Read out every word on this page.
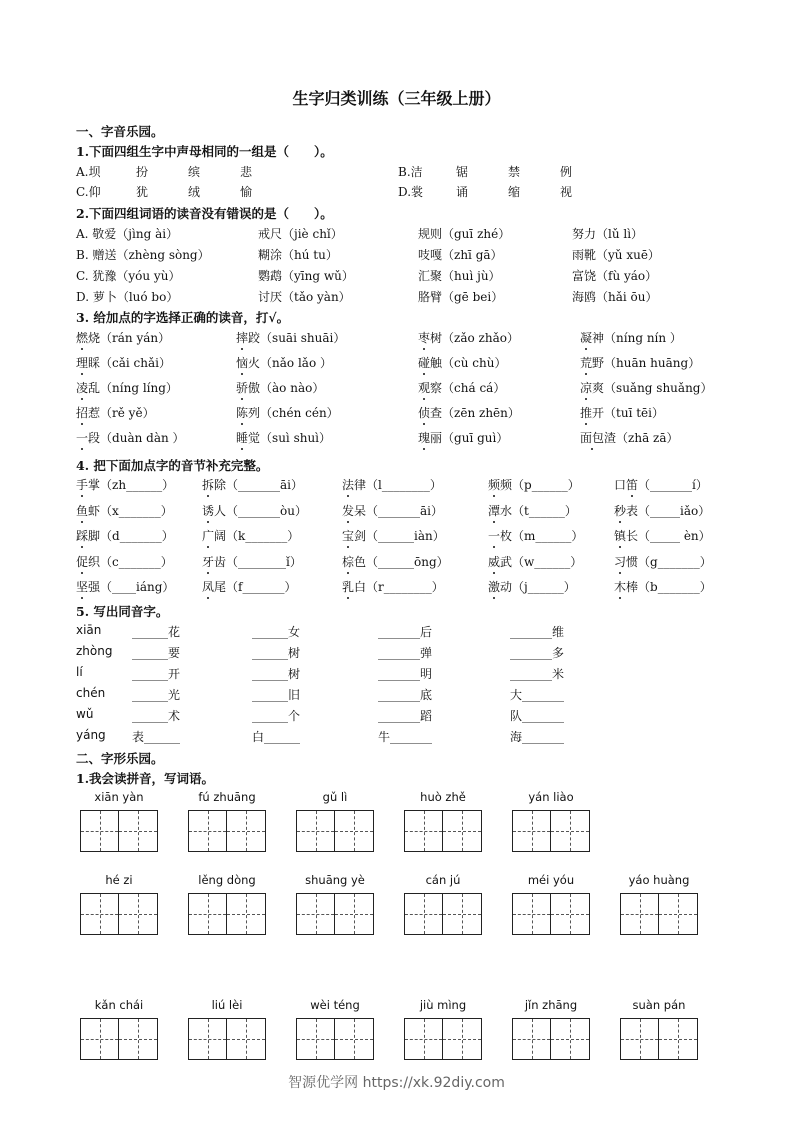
生字归类训练（三年级上册）
一、字音乐园。
1.下面四组生字中声母相同的一组是（　　）。
A.坝	扮	缤	悲	B.洁	锯	禁	例
C.仰	犹	绒	愉	D.裳	诵	缩	视
2.下面四组词语的读音没有错误的是（　　）。
A. 敬爱（jìng ài）	戒尺（jiè chǐ）	规则（guī zhé）	努力（lǔ lì）
B. 赠送（zhèng sòng）	糊涂（hú tu）	吱嘎（zhī gā）	雨靴（yǔ xuē）
C. 犹豫（yóu yù）	鹦鹉（yīng wǔ）	汇聚（huì jù）	富饶（fù yáo）
D. 萝卜（luó bo）	讨厌（tǎo yàn）	胳臂（gē bei）	海鸥（hǎi ōu）
3. 给加点的字选择正确的读音，打√。
燃烧（rán yán）	摔跤（suāi shuāi）	枣树（zǎo zhǎo）	凝神（níng nín ）
理睬（cǎi chǎi）	恼火（nǎo lǎo ）	碰触（cù chù）	荒野（huān huāng）
凌乱（níng líng）	骄傲（ào nào）	观察（chá cá）	凉爽（suǎng shuǎng）
招惹（rě yě）	陈列（chén cén）	侦查（zēn zhēn）	推开（tuī tēi）
一段（duàn dàn ）	睡觉（suì shuì）	瑰丽（guī guì）	面包渣（zhā zā）
4. 把下面加点字的音节补充完整。
手掌（zh______） 拆除（_______āi）	法律（l________）	频频（p______）	口笛（_______í）
鱼虾（x_______） 诱人（_______òu）	发呆（_______āi）	潭水（t______）	秒表（_____iǎo）
踩脚（d_______） 广阔（k_______）	宝剑（______iàn）	一枚（m______）	镇长（_____ èn）
促织（c_______） 牙齿（________ǐ）	棕色（______ōng）	威武（w______）	习惯（g_______）
坚强（____iáng） 凤尾（f_______）	乳白（r________）	激动（j______）	木棒（b_______）
5. 写出同音字。
xiān	______花	______女	_______后	_______维
zhòng ______要	______树	_______弹	_______多
lí	______开	______树	_______明	_______米
chén ______光	______旧	_______底	大_______
wǔ	______术	______个	_______蹈	队_______
yáng 表______	白______	牛_______	海_______
二、字形乐园。
1.我会读拼音，写词语。
xiān yàn	fú zhuāng	gǔ lì	huò zhě	yán liào
hé zi	lěng dòng	shuāng yè	cán jú	méi yóu	yáo huàng
kǎn chái	liú lèi	wèi téng	jiù mìng	jǐn zhāng	suàn pán
智源优学网 https://xk.92diy.com
